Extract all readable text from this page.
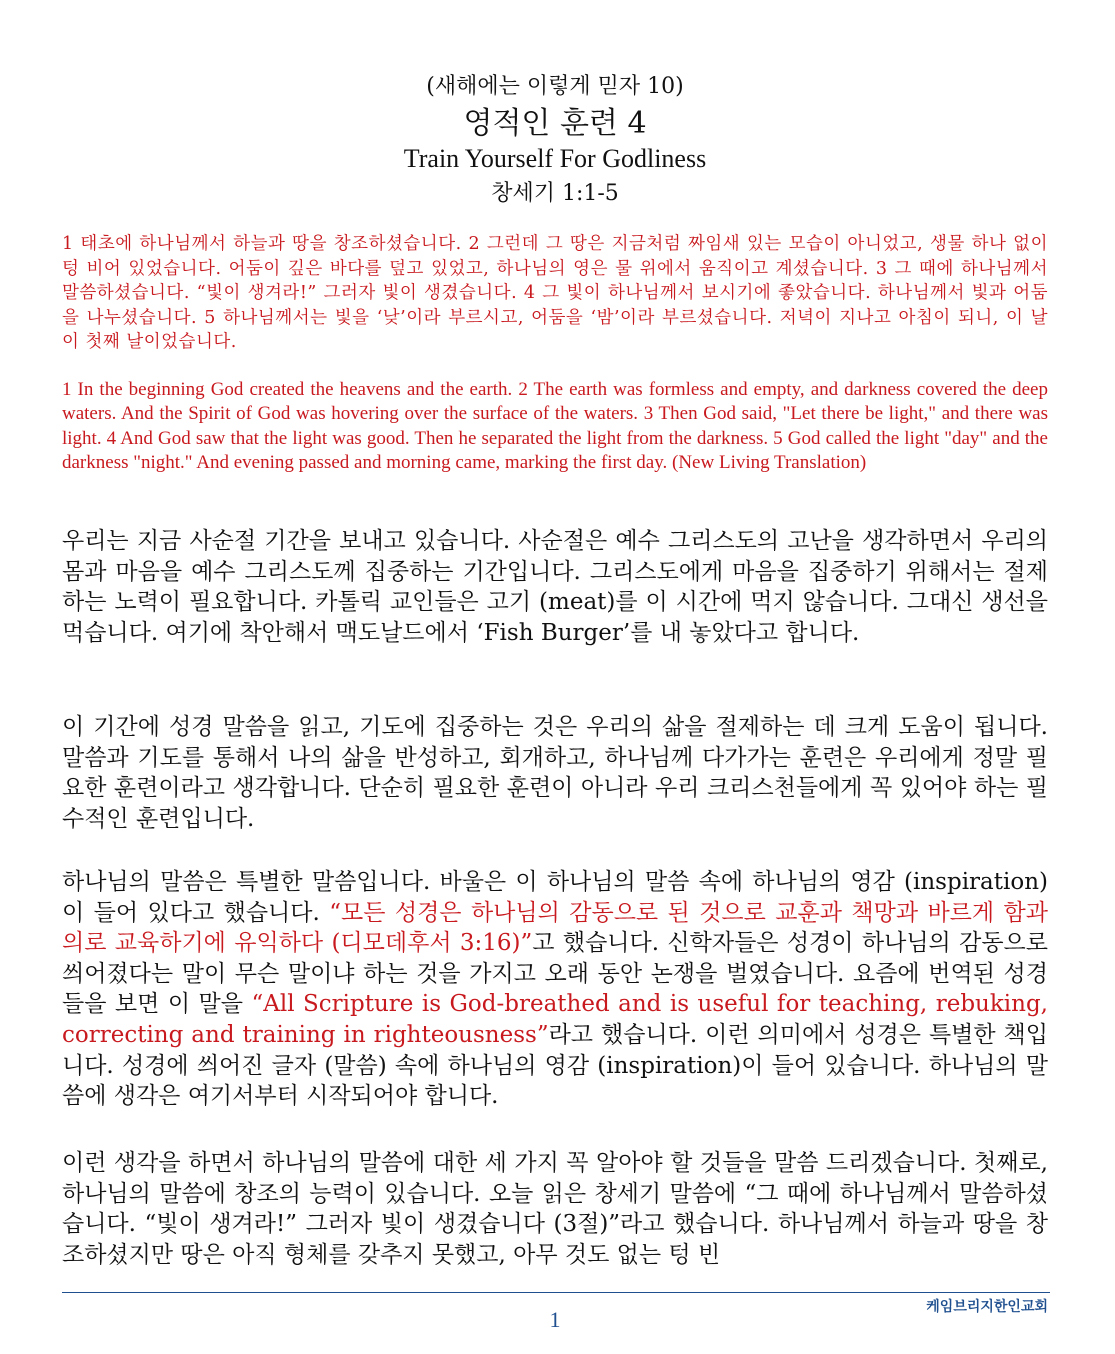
(새해에는 이렇게 믿자 10)
영적인 훈련 4
Train Yourself For Godliness
창세기 1:1-5
1 태초에 하나님께서 하늘과 땅을 창조하셨습니다. 2 그런데 그 땅은 지금처럼 짜임새 있는 모습이 아니었고, 생물 하나 없이 텅 비어 있었습니다. 어둠이 깊은 바다를 덮고 있었고, 하나님의 영은 물 위에서 움직이고 계셨습니다. 3 그 때에 하나님께서 말씀하셨습니다. “빛이 생겨라!” 그러자 빛이 생겼습니다. 4 그 빛이 하나님께서 보시기에 좋았습니다. 하나님께서 빛과 어둠을 나누셨습니다. 5 하나님께서는 빛을 ‘낮’이라 부르시고, 어둠을 ‘밤’이라 부르셨습니다. 저녁이 지나고 아침이 되니, 이 날이 첫째 날이었습니다.
1 In the beginning God created the heavens and the earth. 2 The earth was formless and empty, and darkness covered the deep waters. And the Spirit of God was hovering over the surface of the waters. 3 Then God said, "Let there be light," and there was light. 4 And God saw that the light was good. Then he separated the light from the darkness. 5 God called the light "day" and the darkness "night." And evening passed and morning came, marking the first day. (New Living Translation)
우리는 지금 사순절 기간을 보내고 있습니다. 사순절은 예수 그리스도의 고난을 생각하면서 우리의 몸과 마음을 예수 그리스도께 집중하는 기간입니다. 그리스도에게 마음을 집중하기 위해서는 절제하는 노력이 필요합니다. 카톨릭 교인들은 고기 (meat)를 이 시간에 먹지 않습니다. 그대신 생선을 먹습니다. 여기에 착안해서 맥도날드에서 ‘Fish Burger’를 내 놓았다고 합니다.
이 기간에 성경 말씀을 읽고, 기도에 집중하는 것은 우리의 삶을 절제하는 데 크게 도움이 됩니다. 말씀과 기도를 통해서 나의 삶을 반성하고, 회개하고, 하나님께 다가가는 훈련은 우리에게 정말 필요한 훈련이라고 생각합니다. 단순히 필요한 훈련이 아니라 우리 크리스천들에게 꼭 있어야 하는 필수적인 훈련입니다.
하나님의 말씀은 특별한 말씀입니다. 바울은 이 하나님의 말씀 속에 하나님의 영감 (inspiration)이 들어 있다고 했습니다. “모든 성경은 하나님의 감동으로 된 것으로 교훈과 책망과 바르게 함과 의로 교육하기에 유익하다 (디모데후서 3:16)”고 했습니다. 신학자들은 성경이 하나님의 감동으로 씌어졌다는 말이 무슨 말이냐 하는 것을 가지고 오래 동안 논쟁을 벌였습니다. 요즘에 번역된 성경들을 보면 이 말을 “All Scripture is God-breathed and is useful for teaching, rebuking, correcting and training in righteousness”라고 했습니다. 이런 의미에서 성경은 특별한 책입니다. 성경에 씌어진 글자 (말씀) 속에 하나님의 영감 (inspiration)이 들어 있습니다. 하나님의 말씀에 생각은 여기서부터 시작되어야 합니다.
이런 생각을 하면서 하나님의 말씀에 대한 세 가지 꼭 알아야 할 것들을 말씀 드리겠습니다. 첫째로, 하나님의 말씀에 창조의 능력이 있습니다. 오늘 읽은 창세기 말씀에 “그 때에 하나님께서 말씀하셨습니다. “빛이 생겨라!” 그러자 빛이 생겼습니다 (3절)”라고 했습니다. 하나님께서 하늘과 땅을 창조하셨지만 땅은 아직 형체를 갖추지 못했고, 아무 것도 없는 텅 빈
케임브리지한인교회
1
